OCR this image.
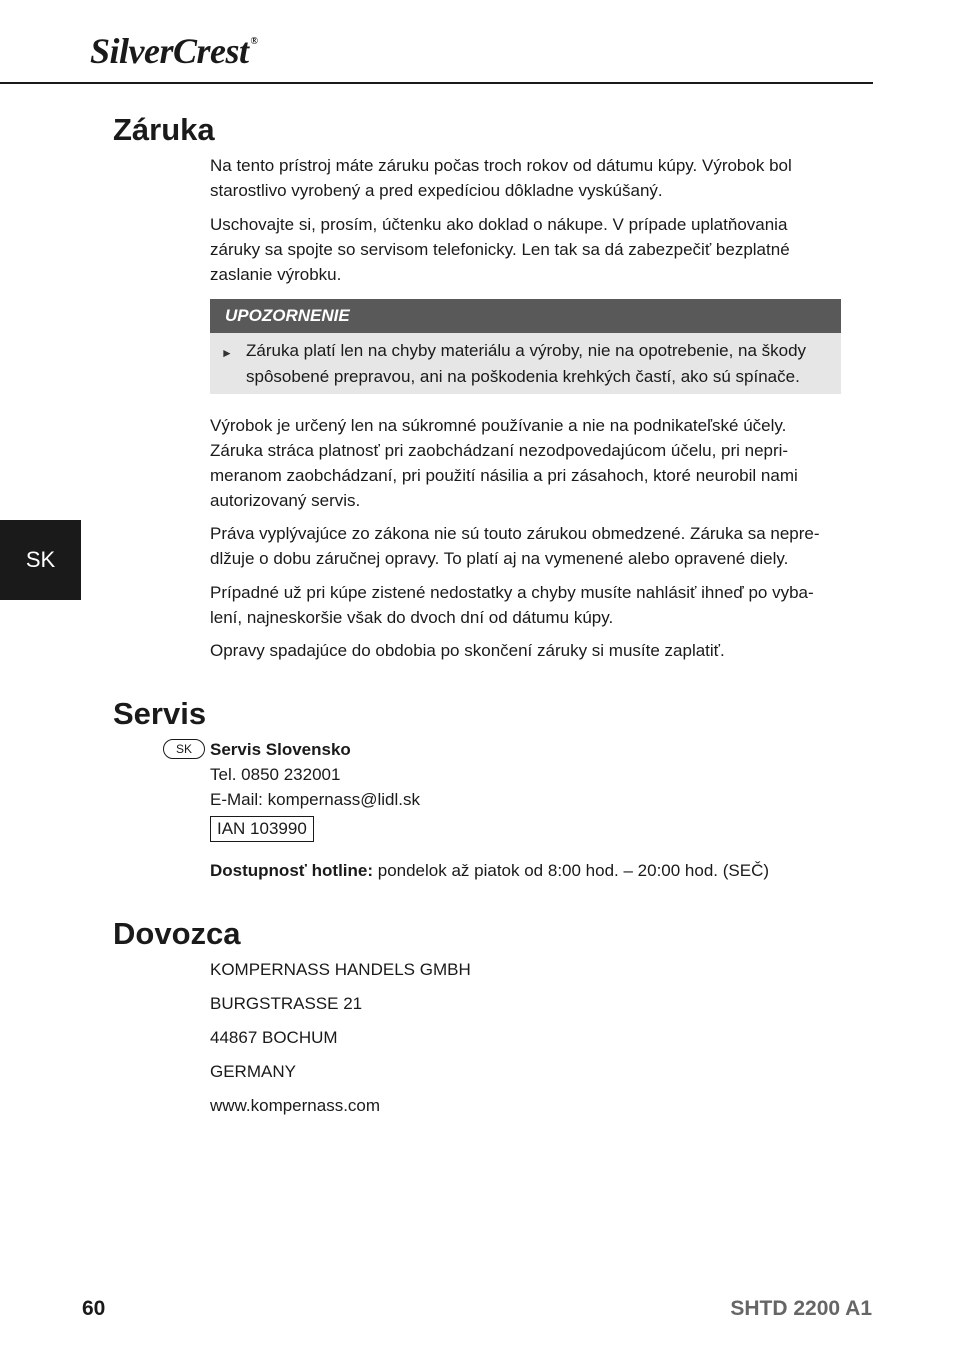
SilverCrest ®
SK
Záruka

Na tento prístroj máte záruku počas troch rokov od dátumu kúpy. Výrobok bol starostlivo vyrobený a pred expedíciou dôkladne vyskúšaný.

Uschovajte si, prosím, účtenku ako doklad o nákupe. V prípade uplatňovania záruky sa spojte so servisom telefonicky. Len tak sa dá zabezpečiť bezplatné zaslanie výrobku.

UPOZORNENIE
► Záruka platí len na chyby materiálu a výroby, nie na opotrebenie, na škody spôsobené prepravou, ani na poškodenia krehkých častí, ako sú spínače.

Výrobok je určený len na súkromné používanie a nie na podnikateľské účely. Záruka stráca platnosť pri zaobchádzaní nezodpovedajúcom účelu, pri nepri-meranom zaobchádzaní, pri použití násilia a pri zásahoch, ktoré neurobil nami autorizovaný servis.

Práva vyplývajúce zo zákona nie sú touto zárukou obmedzené. Záruka sa nepre-dlžuje o dobu záručnej opravy. To platí aj na vymenené alebo opravené diely.

Prípadné už pri kúpe zistené nedostatky a chyby musíte nahlásiť ihneď po vyba-lení, najneskoršie však do dvoch dní od dátumu kúpy.

Opravy spadajúce do obdobia po skončení záruky si musíte zaplatiť.

Servis
SK	Servis Slovensko

Tel. 0850 232001

E-Mail: kompernass@lidl.sk

IAN 103990

Dostupnosť hotline: pondelok až piatok od 8:00 hod. – 20:00 hod. (SEČ)

Dovozca

KOMPERNASS HANDELS GMBH

BURGSTRASSE 21

44867 BOCHUM

GERMANY

www.kompernass.com

60	SHTD 2200 A1
